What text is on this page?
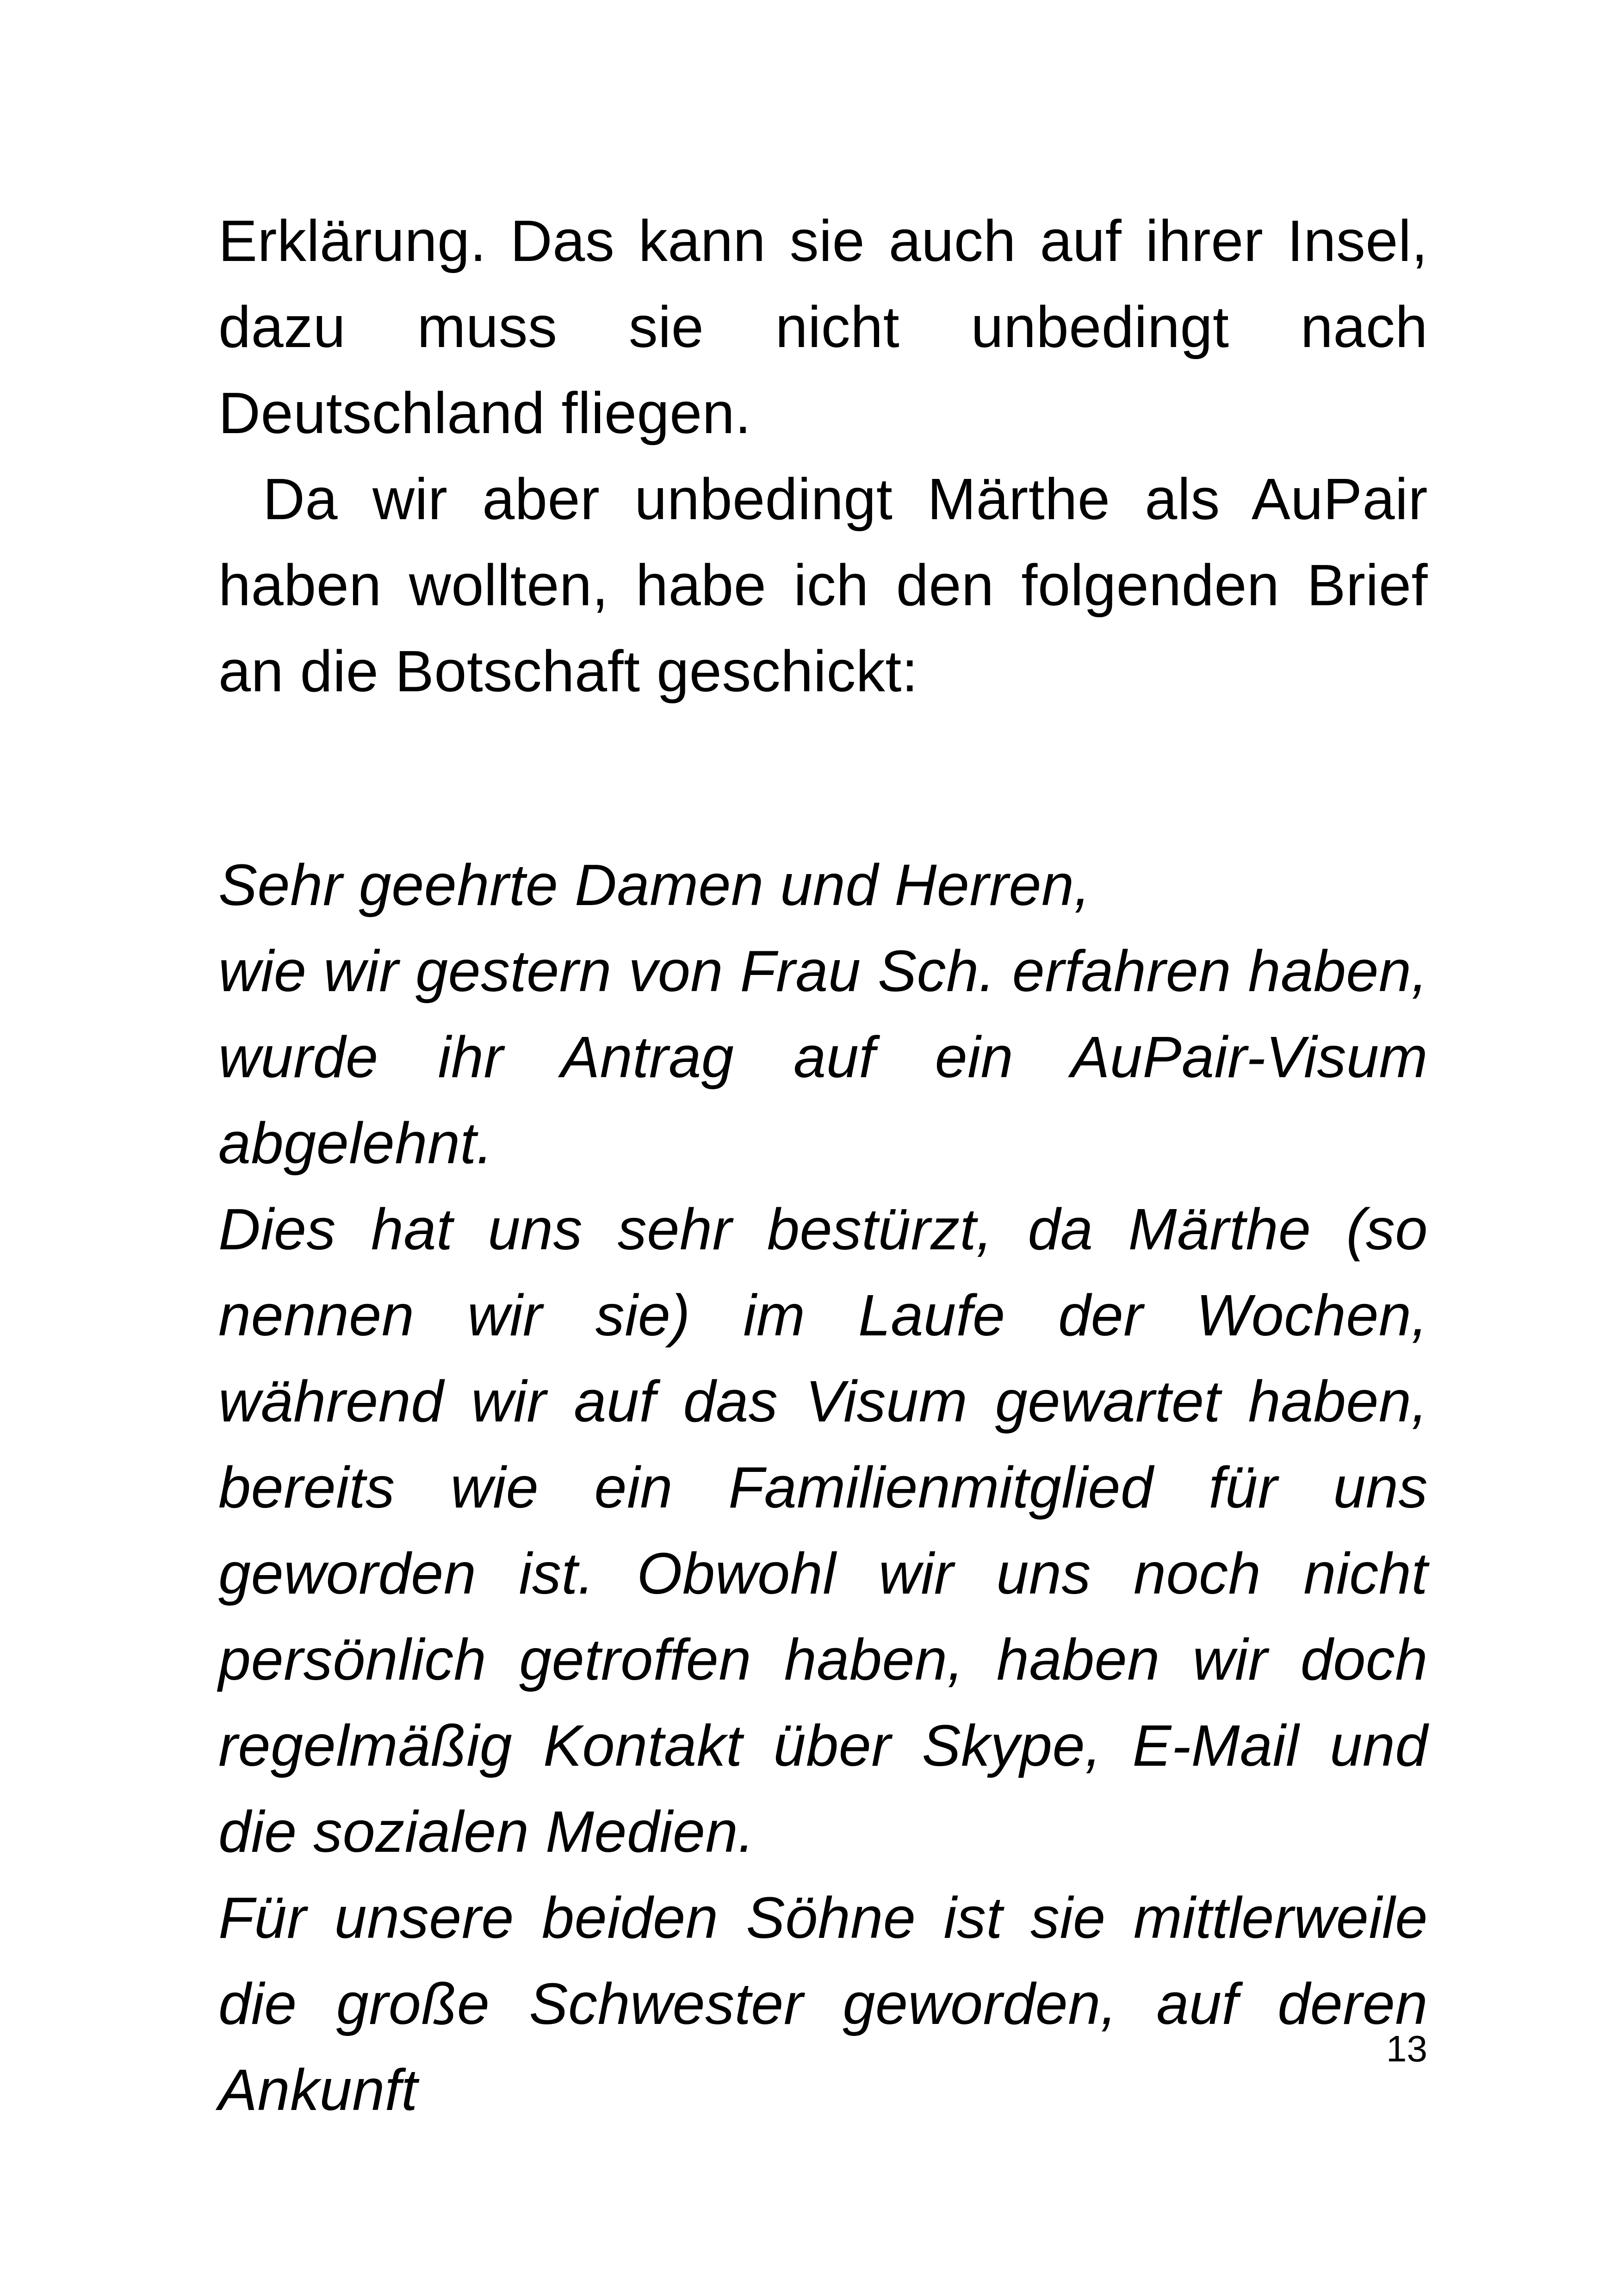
Erklärung. Das kann sie auch auf ihrer Insel, dazu muss sie nicht unbedingt nach Deutschland fliegen.

Da wir aber unbedingt Märthe als AuPair haben wollten, habe ich den folgenden Brief an die Botschaft geschickt:

Sehr geehrte Damen und Herren,

wie wir gestern von Frau Sch. erfahren haben, wurde ihr Antrag auf ein AuPair-Visum abgelehnt.

Dies hat uns sehr bestürzt, da Märthe (so nennen wir sie) im Laufe der Wochen, während wir auf das Visum gewartet haben, bereits wie ein Familienmitglied für uns geworden ist. Obwohl wir uns noch nicht persönlich getroffen haben, haben wir doch regelmäßig Kontakt über Skype, E-Mail und die sozialen Medien.

Für unsere beiden Söhne ist sie mittlerweile die große Schwester geworden, auf deren Ankunft

13
